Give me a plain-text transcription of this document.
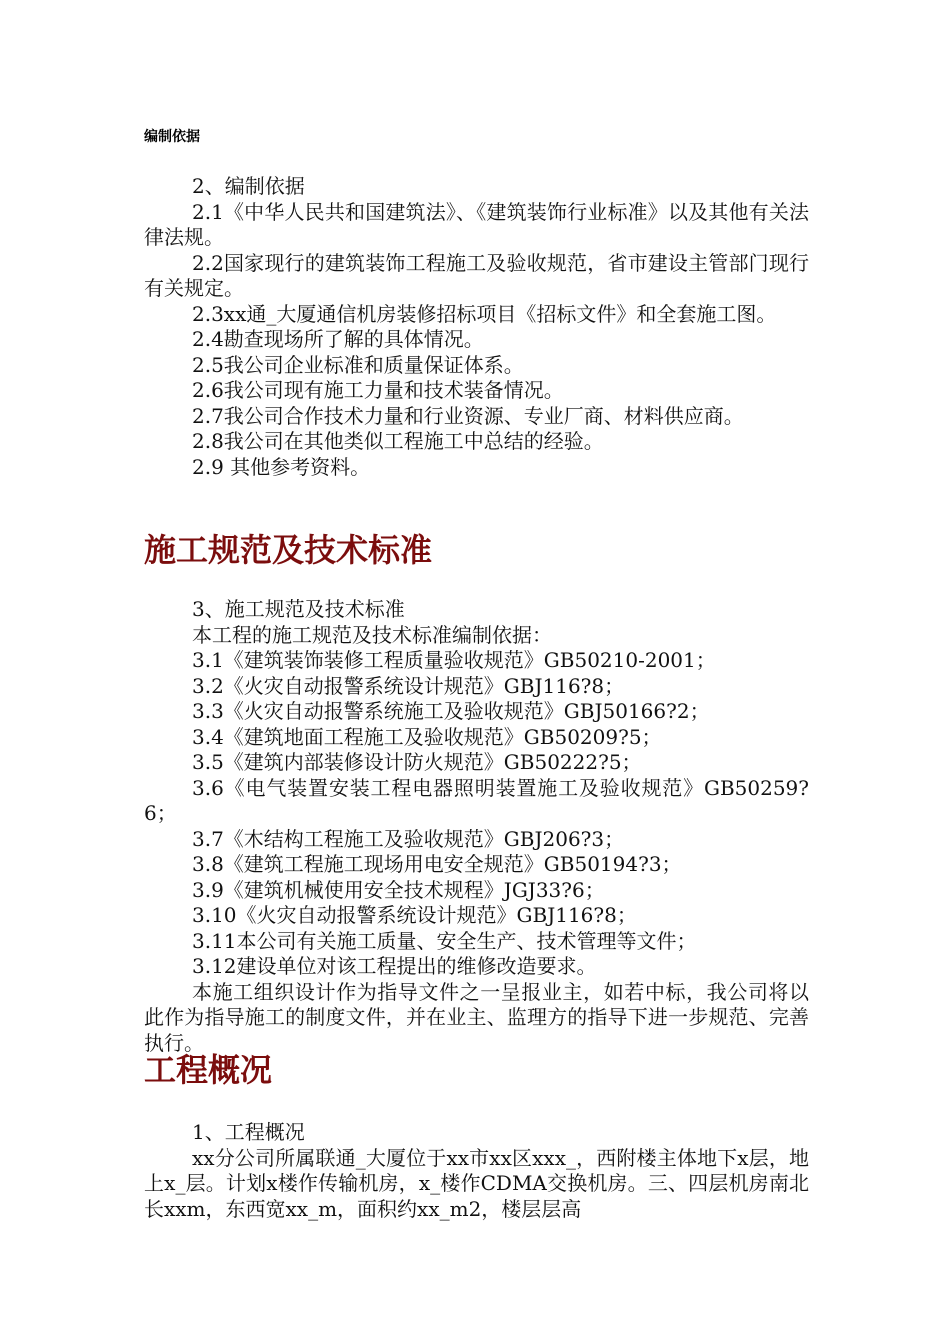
编制依据

2、编制依据

2.1《中华人民共和国建筑法》、《建筑装饰行业标准》以及其他有关法律法规。

2.2国家现行的建筑装饰工程施工及验收规范，省市建设主管部门现行有关规定。

2.3xx通_大厦通信机房装修招标项目《招标文件》和全套施工图。

2.4勘查现场所了解的具体情况。

2.5我公司企业标准和质量保证体系。

2.6我公司现有施工力量和技术装备情况。

2.7我公司合作技术力量和行业资源、专业厂商、材料供应商。

2.8我公司在其他类似工程施工中总结的经验。

2.9 其他参考资料。

施工规范及技术标准

3、施工规范及技术标准

本工程的施工规范及技术标准编制依据：

3.1《建筑装饰装修工程质量验收规范》GB50210-2001；

3.2《火灾自动报警系统设计规范》GBJ116?8；

3.3《火灾自动报警系统施工及验收规范》GBJ50166?2；

3.4《建筑地面工程施工及验收规范》GB50209?5；

3.5《建筑内部装修设计防火规范》GB50222?5；

3.6《电气装置安装工程电器照明装置施工及验收规范》GB50259?6；

3.7《木结构工程施工及验收规范》GBJ206?3；

3.8《建筑工程施工现场用电安全规范》GB50194?3；

3.9《建筑机械使用安全技术规程》JGJ33?6；

3.10《火灾自动报警系统设计规范》GBJ116?8；

3.11本公司有关施工质量、安全生产、技术管理等文件；

3.12建设单位对该工程提出的维修改造要求。

本施工组织设计作为指导文件之一呈报业主，如若中标，我公司将以此作为指导施工的制度文件，并在业主、监理方的指导下进一步规范、完善执行。

工程概况

1、工程概况

xx分公司所属联通_大厦位于xx市xx区xxx_，西附楼主体地下x层，地上x_层。计划x楼作传输机房，x_楼作CDMA交换机房。三、四层机房南北长xxm，东西宽xx_m，面积约xx_m2，楼层层高
